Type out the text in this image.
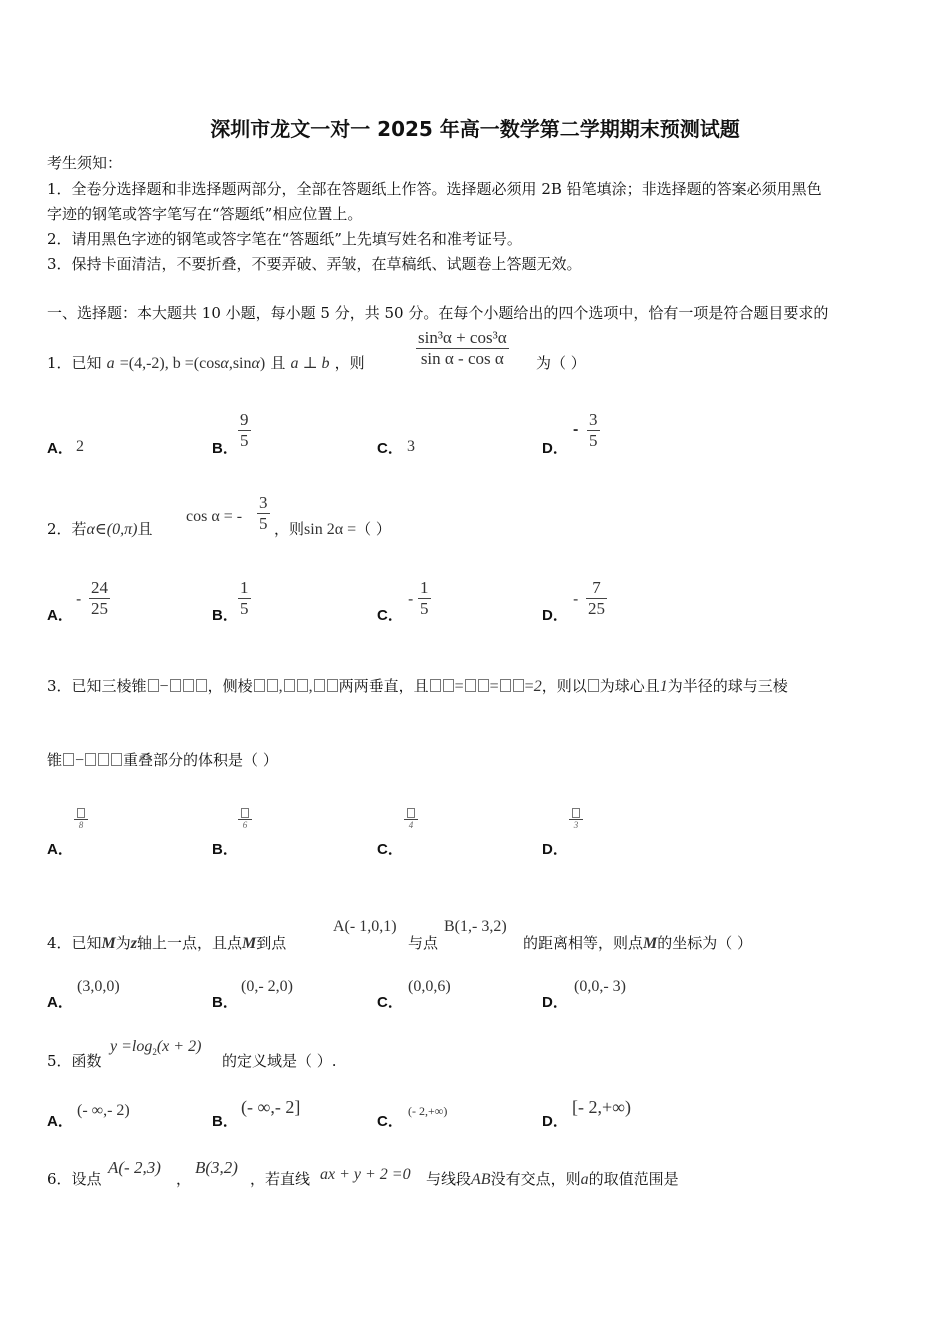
深圳市龙文一对一 2025 年高一数学第二学期期末预测试题
考生须知：
1．全卷分选择题和非选择题两部分，全部在答题纸上作答。选择题必须用 2B 铅笔填涂；非选择题的答案必须用黑色
字迹的钢笔或答字笔写在“答题纸”相应位置上。
2．请用黑色字迹的钢笔或答字笔在“答题纸”上先填写姓名和准考证号。
3．保持卡面清洁，不要折叠，不要弄破、弄皱，在草稿纸、试题卷上答题无效。
一、选择题：本大题共 10 小题，每小题 5 分，共 50 分。在每个小题给出的四个选项中，恰有一项是符合题目要求的
1．已知 a =(4,-2), b =(cosα,sinα) 且 a ⊥ b ，则
sin³α + cos³α
sin α - cos α 为（ ）
A． 2	B．
9
5	C． 3	D．
-
3
5
2．若α∈(0,π)且
cos α = -
3
5 ，则sin 2α =（ ）
A．
-
24
25	B．
1
5	C．
-
1
5	D．
-
7
25
3．已知三棱锥 −	，侧棱 , , 两两垂直，且 = = =2，则以 为球心且1为半径的球与三棱
锥 −	重叠部分的体积是（ ）
A．
8
B．
6
C．
4
D．
3
4．已知M为z轴上一点，且点M到点
A(- 1,0,1)
与点
B(1,- 3,2)
的距离相等，则点M的坐标为（ ）
A．
(3,0,0)
B．
(0,- 2,0)
C．
(0,0,6)
D．
(0,0,- 3)
5．函数
$y =\log_2(x + 2)$
的定义域是（ ）.
A．
(- ∞,- 2)
B．
(- ∞,- 2]
C．
(- 2,+∞)
D．
[- 2,+∞)
6．设点
A(- 2,3)
，
B(3,2)
，若直线 ax + y + 2 =0 与线段AB没有交点，则a的取值范围是
